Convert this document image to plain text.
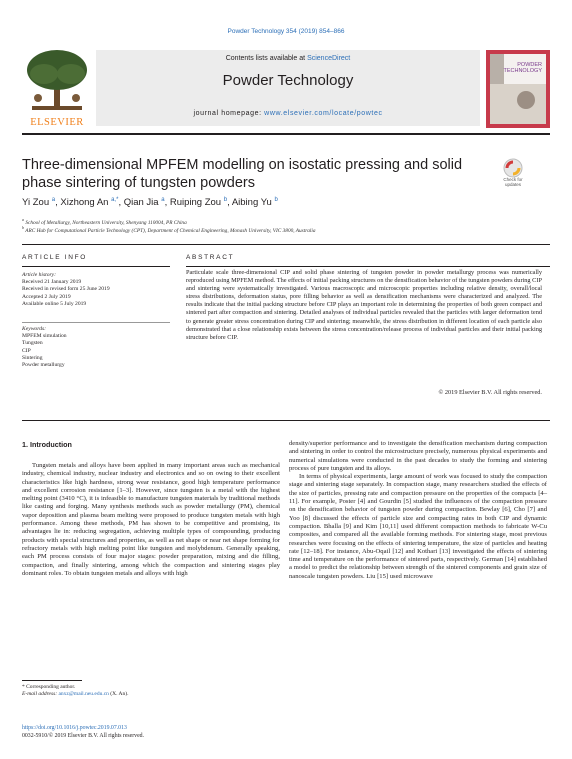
Powder Technology 354 (2019) 854–866
ELSEVIER
Contents lists available at ScienceDirect
Powder Technology
journal homepage: www.elsevier.com/locate/powtec
POWDER
TECHNOLOGY
Three-dimensional MPFEM modelling on isostatic pressing and solid
phase sintering of tungsten powders	Check for
updates
Yi Zou $^a$, Xizhong An $^{a,*}$, Qian Jia $^a$, Ruiping Zou $^b$, Aibing Yu $^b$
$^a$ School of Metallurgy, Northeastern University, Shenyang 110004, PR China
$^b$ ARC Hub for Computational Particle Technology (CPT), Department of Chemical Engineering, Monash University, VIC 3800, Australia
ARTICLE INFO
Article history:
Received 21 January 2019
Received in revised form 25 June 2019
Accepted 2 July 2019
Available online 5 July 2019
Keywords:
MPFEM simulation
Tungsten
CIP
Sintering
Powder metallurgy
ABSTRACT
Particulate scale three-dimensional CIP and solid phase sintering of tungsten powder in powder metallurgy process was numerically reproduced using MPFEM method. The effects of initial packing structures on the densification behavior of the tungsten powders during CIP and sintering were systematically investigated. Various macroscopic and microscopic properties including relative density, overall/local stress distributions, deformation status, pore filling behavior as well as densification mechanisms were characterized and analyzed. The results indicate that the initial packing structure before CIP plays an important role in determining the properties of both green compact and sintered part after compaction and sintering. Detailed analyses of individual particles revealed that the particles with larger deformation tend to generate greater stress concentration during CIP and sintering; meanwhile, the stress distribution in different location of each particle also demonstrated that a close relationship exists between the stress concentration/release process of individual particles and their initial packing structure before CIP.
© 2019 Elsevier B.V. All rights reserved.
1. Introduction

Tungsten metals and alloys have been applied in many important areas such as mechanical industry, chemical industry, nuclear industry and electronics and so on owing to their excellent characteristics like high hardness, strong wear resistance, good high temperature performance and excellent corrosion resistance [1–3]. However, since tungsten is a metal with the highest melting point (3410 °C), it is infeasible to manufacture tungsten materials by traditional methods like casting and forging. Many synthesis methods such as powder metallurgy (PM), chemical vapor deposition and plasma beam melting were proposed to produce tungsten metals with high performance. Among these methods, PM has shown to be competitive and promising, its advantages lie in: reducing segregation, achieving multiple types of compounding, producing products with special structures and properties, as well as net shape or near net shape forming for refractory metals with high melting point like tungsten and molybdenum. Generally speaking, each PM process consists of four major stages: powder preparation, mixing and die filling, compaction, and finally sintering, among which the compaction and sintering stages play dominant roles. To obtain tungsten metals and alloys with high

density/superior performance and to investigate the densification mechanism during compaction and sintering in order to control the microstructure precisely, numerous physical experiments and numerical simulations were conducted in the past decades to study the forming and sintering process of pure tungsten and its alloys.

In terms of physical experiments, large amount of work was focused to study the compaction stage and sintering stage separately. In compaction stage, many researchers studied the effects of the size of particles, pressing rate and compaction pressure on the properties of the compacts [4–11]. For example, Poster [4] and Gourdin [5] studied the influences of the compaction pressure on the densification behavior of tungsten powder during compaction. Bewlay [6], Cho [7] and Yoo [8] discussed the effects of particle size and compacting rates in both CIP and dynamic compaction. Bhalla [9] and Kim [10,11] used different compaction methods to fabricate W-Cu composites, and compared all the available forming methods. For sintering stage, most previous researches were focusing on the effects of sintering temperature, the size of particles and heating rate [12–18]. For instance, Abu-Oqail [12] and Kothari [13] investigated the effects of sintering time and temperature on the performance of sintered parts, respectively. German [14] established a model to predict the relationship between strength of the sintered components and grain size of nanoscale tungsten powders. Liu [15] used microwave

* Corresponding author.
E-mail address: anxz@mail.neu.edu.cn (X. An).
https://doi.org/10.1016/j.powtec.2019.07.013
0032-5910/© 2019 Elsevier B.V. All rights reserved.
